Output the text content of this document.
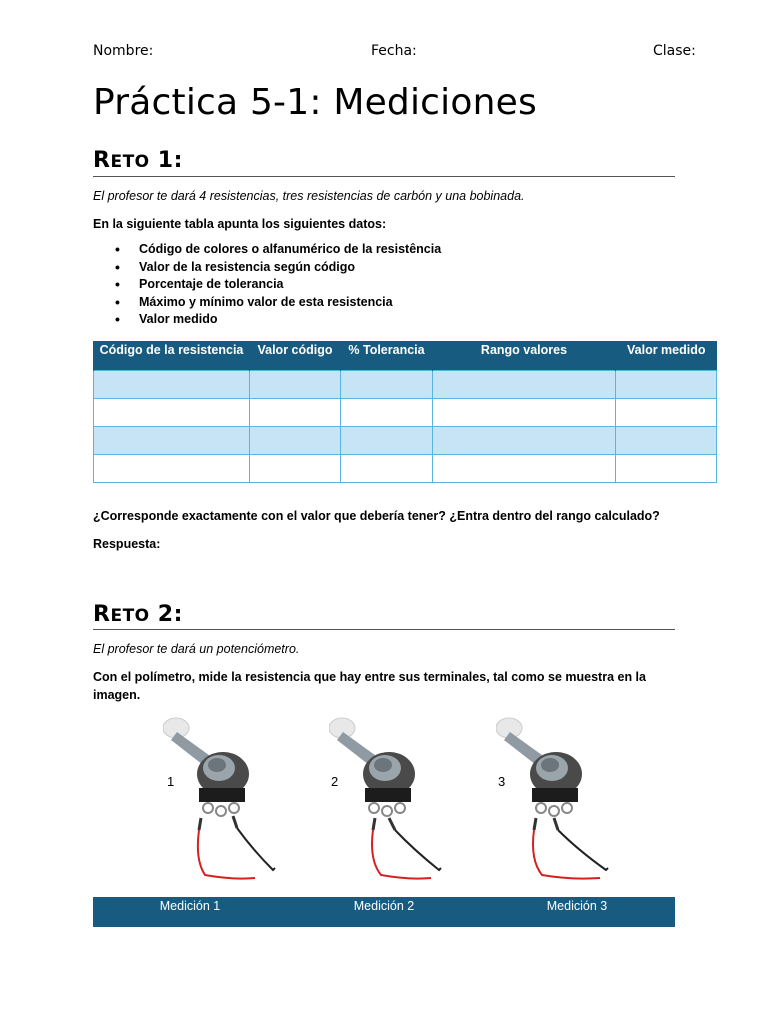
Nombre:	Fecha:	Clase:
Práctica 5-1: Mediciones
RETO 1:
El profesor te dará 4 resistencias, tres resistencias de carbón y una bobinada.
En la siguiente tabla apunta los siguientes datos:
• Código de colores o alfanumérico de la resistência
• Valor de la resistencia según código
• Porcentaje de tolerancia
• Máximo y mínimo valor de esta resistencia
• Valor medido
Código de la resistencia	Valor código	% Tolerancia	Rango valores	Valor medido

¿Corresponde exactamente con el valor que debería tener? ¿Entra dentro del rango calculado?
Respuesta:
RETO 2:
El profesor te dará un potenciómetro.
Con el polímetro, mide la resistencia que hay entre sus terminales, tal como se muestra en la imagen.
1	2	3
Medición 1	Medición 2	Medición 3
